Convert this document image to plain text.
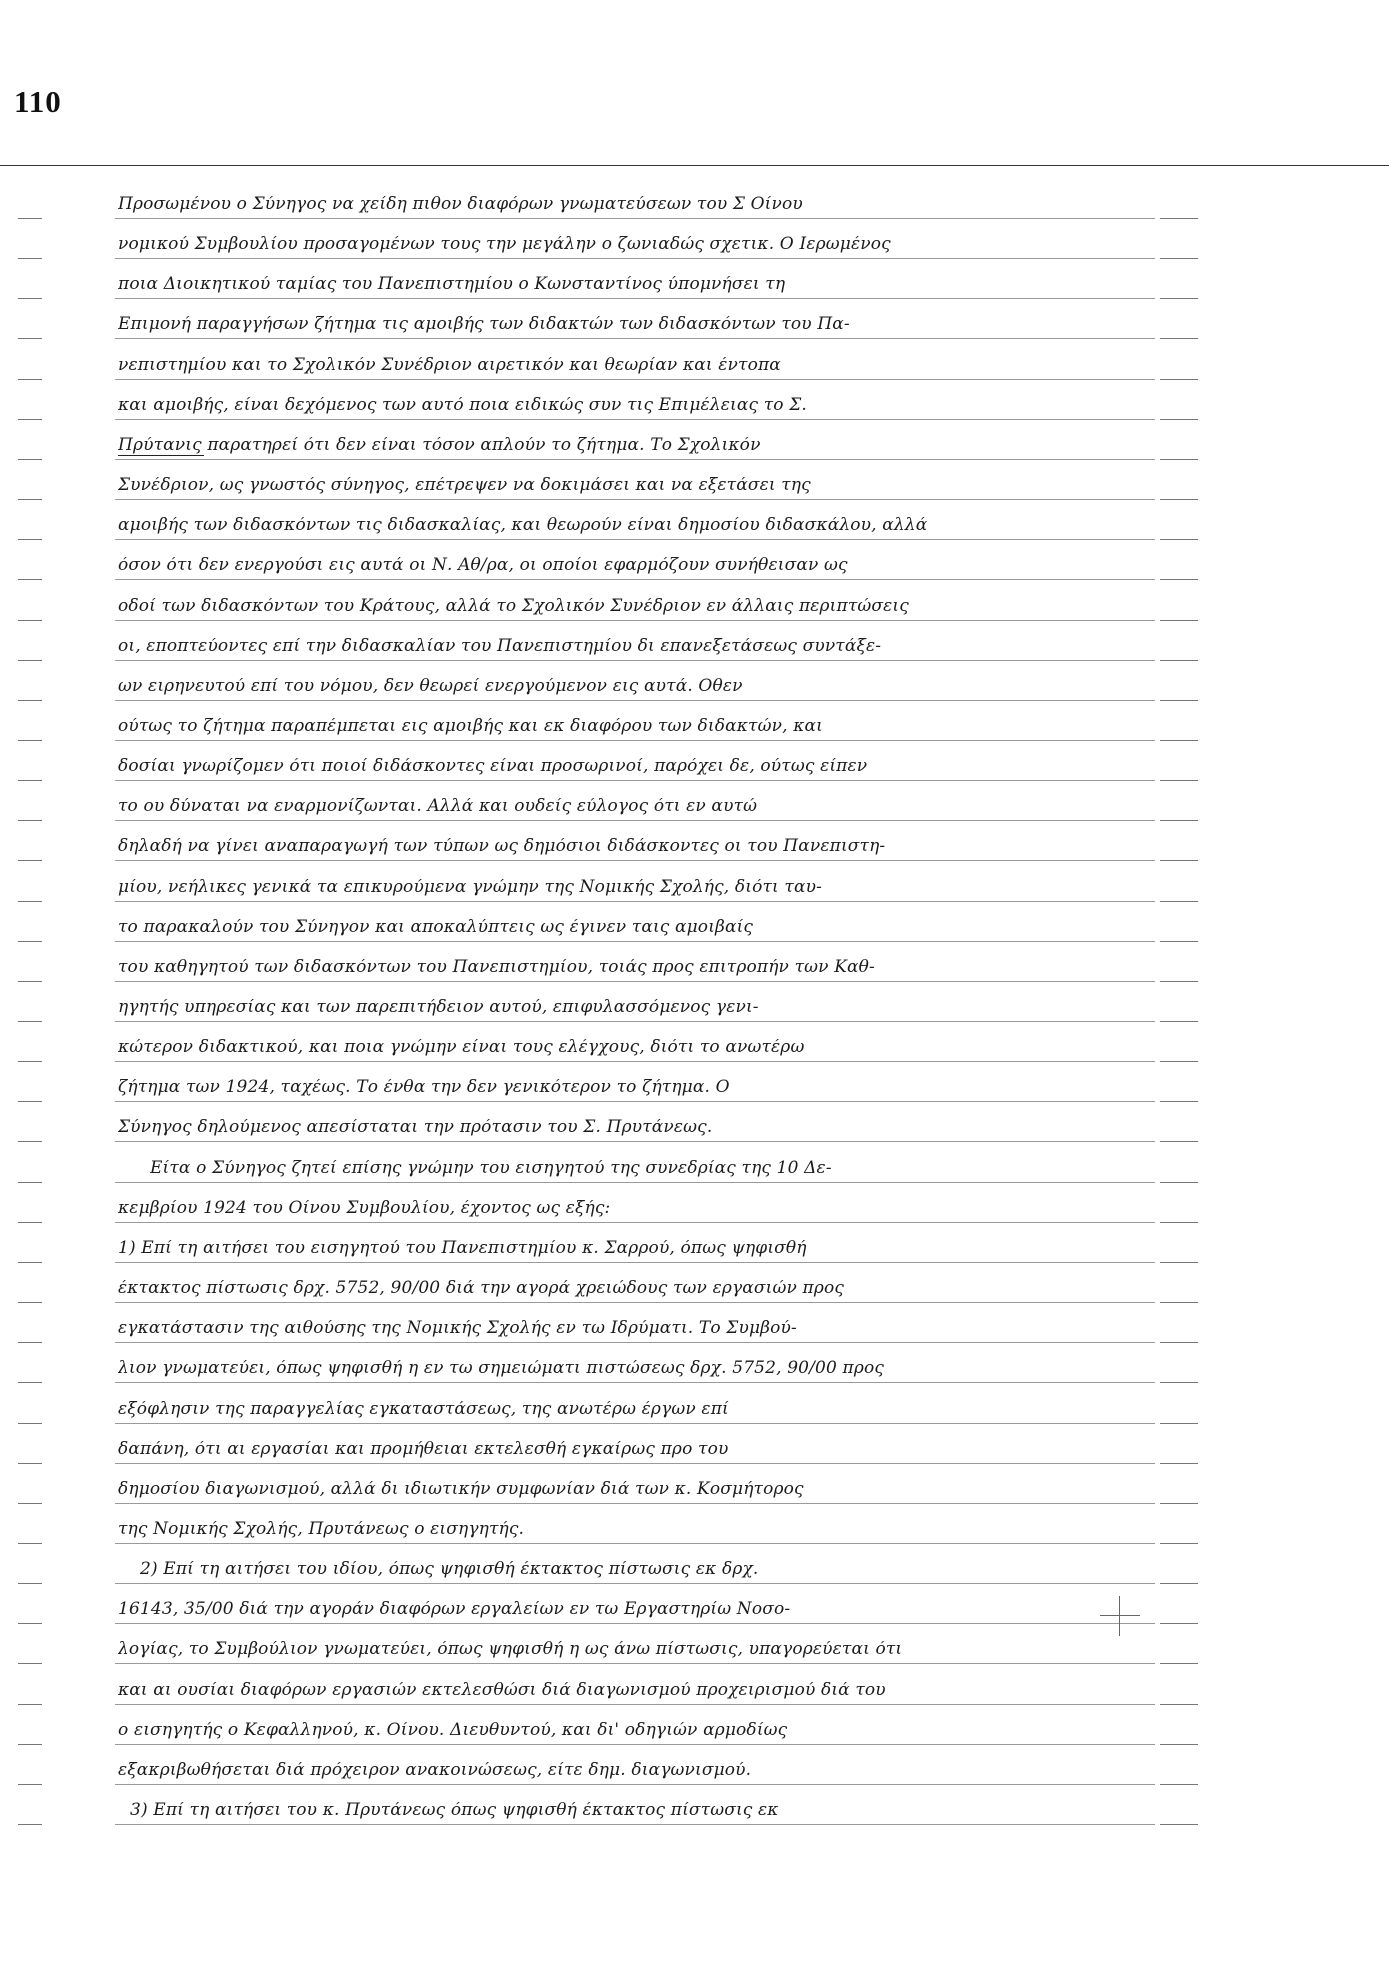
110
Προσωμένου ο Σύνηγος να χείδη πιθον διαφόρων γνωματεύσεων του Σ Οίνου
νομικού Συμβουλίου προσαγομένων τους την μεγάλην ο ζωνιαδώς σχετικ. Ο Ιερωμένος
ποια Διοικητικού ταμίας του Πανεπιστημίου ο Κωνσταντίνος ύπομνήσει τη
Επιμονή παραγγήσων ζήτημα τις αμοιβής των διδακτών των διδασκόντων του Πα-
νεπιστημίου και το Σχολικόν Συνέδριον αιρετικόν και θεωρίαν και έντοπα
και αμοιβής, είναι δεχόμενος των αυτό ποια ειδικώς συν τις Επιμέλειας το Σ.
Πρύτανις παρατηρεί ότι δεν είναι τόσον απλούν το ζήτημα. Το Σχολικόν
Συνέδριον, ως γνωστός σύνηγος, επέτρεψεν να δοκιμάσει και να εξετάσει της
αμοιβής των διδασκόντων τις διδασκαλίας, και θεωρούν είναι δημοσίου διδασκάλου, αλλά
όσον ότι δεν ενεργούσι εις αυτά οι Ν. Αθ/ρα, οι οποίοι εφαρμόζουν συνήθεισαν ως
οδοί των διδασκόντων του Κράτους, αλλά το Σχολικόν Συνέδριον εν άλλαις περιπτώσεις
οι, εποπτεύοντες επί την διδασκαλίαν του Πανεπιστημίου δι επανεξετάσεως συντάξε-
ων ειρηνευτού επί του νόμου, δεν θεωρεί ενεργούμενον εις αυτά. Οθεν
ούτως το ζήτημα παραπέμπεται εις αμοιβής και εκ διαφόρου των διδακτών, και
δοσίαι γνωρίζομεν ότι ποιοί διδάσκοντες είναι προσωρινοί, παρόχει δε, ούτως είπεν
το ου δύναται να εναρμονίζωνται. Αλλά και ουδείς εύλογος ότι εν αυτώ
δηλαδή να γίνει αναπαραγωγή των τύπων ως δημόσιοι διδάσκοντες οι του Πανεπιστη-
μίου, νεήλικες γενικά τα επικυρούμενα γνώμην της Νομικής Σχολής, διότι ταυ-
το παρακαλούν του Σύνηγον και αποκαλύπτεις ως έγινεν ταις αμοιβαίς
του καθηγητού των διδασκόντων του Πανεπιστημίου, τοιάς προς επιτροπήν των Καθ-
ηγητής υπηρεσίας και των παρεπιτήδειον αυτού, επιφυλασσόμενος γενι-
κώτερον διδακτικού, και ποια γνώμην είναι τους ελέγχους, διότι το ανωτέρω
ζήτημα των 1924, ταχέως. Το ένθα την δεν γενικότερον το ζήτημα. Ο
Σύνηγος δηλούμενος απεσίσταται την πρότασιν του Σ. Πρυτάνεως.
Είτα ο Σύνηγος ζητεί επίσης γνώμην του εισηγητού της συνεδρίας της 10 Δε-
κεμβρίου 1924 του Οίνου Συμβουλίου, έχοντος ως εξής:
1) Επί τη αιτήσει του εισηγητού του Πανεπιστημίου κ. Σαρρού, όπως ψηφισθή
έκτακτος πίστωσις δρχ. 5752, 90/00 διά την αγορά χρειώδους των εργασιών προς
εγκατάστασιν της αιθούσης της Νομικής Σχολής εν τω Ιδρύματι. Το Συμβού-
λιον γνωματεύει, όπως ψηφισθή η εν τω σημειώματι πιστώσεως δρχ. 5752, 90/00 προς
εξόφλησιν της παραγγελίας εγκαταστάσεως, της ανωτέρω έργων επί
δαπάνη, ότι αι εργασίαι και προμήθειαι εκτελεσθή εγκαίρως προ του
δημοσίου διαγωνισμού, αλλά δι ιδιωτικήν συμφωνίαν διά των κ. Κοσμήτορος
της Νομικής Σχολής, Πρυτάνεως ο εισηγητής.
2) Επί τη αιτήσει του ιδίου, όπως ψηφισθή έκτακτος πίστωσις εκ δρχ.
16143, 35/00 διά την αγοράν διαφόρων εργαλείων εν τω Εργαστηρίω Νοσο-
λογίας, το Συμβούλιον γνωματεύει, όπως ψηφισθή η ως άνω πίστωσις, υπαγορεύεται ότι
και αι ουσίαι διαφόρων εργασιών εκτελεσθώσι διά διαγωνισμού προχειρισμού διά του
ο εισηγητής ο Κεφαλληνού, κ. Οίνου. Διευθυντού, και δι' οδηγιών αρμοδίως
εξακριβωθήσεται διά πρόχειρον ανακοινώσεως, είτε δημ. διαγωνισμού.
3) Επί τη αιτήσει του κ. Πρυτάνεως όπως ψηφισθή έκτακτος πίστωσις εκ
